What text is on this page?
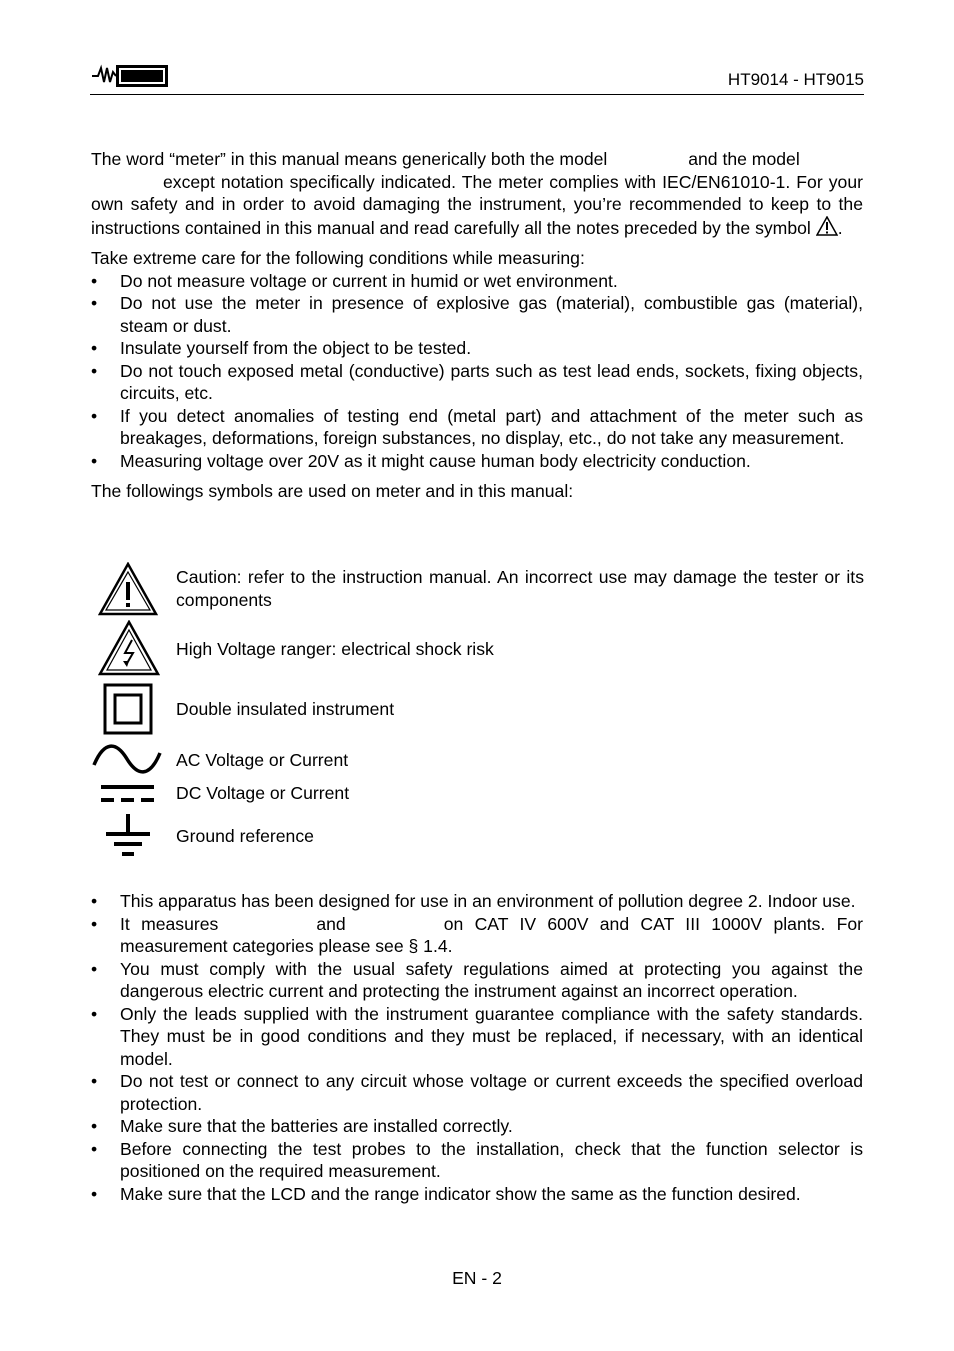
HT9014 - HT9015

The word “meter” in this manual means generically both the model	and the model
except notation specifically indicated. The meter complies with IEC/EN61010-1. For your own safety and in order to avoid damaging the instrument, you’re recommended to keep to the instructions contained in this manual and read carefully all the notes preceded by the symbol .

Take extreme care for the following conditions while measuring:

• Do not measure voltage or current in humid or wet environment.
• Do not use the meter in presence of explosive gas (material), combustible gas (material), steam or dust.
• Insulate yourself from the object to be tested.
• Do not touch exposed metal (conductive) parts such as test lead ends, sockets, fixing objects, circuits, etc.
• If you detect anomalies of testing end (metal part) and attachment of the meter such as breakages, deformations, foreign substances, no display, etc., do not take any measurement.
• Measuring voltage over 20V as it might cause human body electricity conduction.

The followings symbols are used on meter and in this manual:

Caution: refer to the instruction manual. An incorrect use may damage the tester or its components
High Voltage ranger: electrical shock risk
Double insulated instrument
AC Voltage or Current
DC Voltage or Current
Ground reference
• This apparatus has been designed for use in an environment of pollution degree 2. Indoor use.
• It measures	and	on CAT IV 600V and CAT III 1000V plants. For measurement categories please see § 1.4.
• You must comply with the usual safety regulations aimed at protecting you against the dangerous electric current and protecting the instrument against an incorrect operation.
• Only the leads supplied with the instrument guarantee compliance with the safety standards. They must be in good conditions and they must be replaced, if necessary, with an identical model.
• Do not test or connect to any circuit whose voltage or current exceeds the specified overload protection.
• Make sure that the batteries are installed correctly.
• Before connecting the test probes to the installation, check that the function selector is positioned on the required measurement.
• Make sure that the LCD and the range indicator show the same as the function desired.
EN - 2
